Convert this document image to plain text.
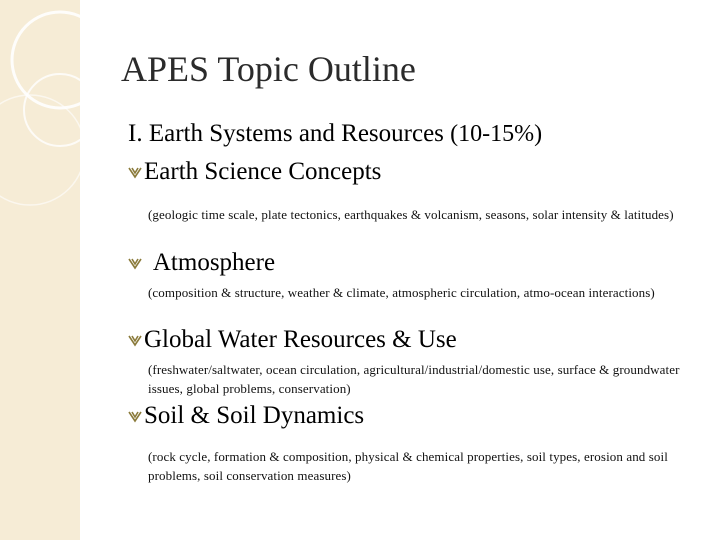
APES Topic Outline
I. Earth Systems and Resources (10-15%)
Earth Science Concepts
(geologic time scale, plate tectonics, earthquakes & volcanism, seasons, solar intensity & latitudes)
Atmosphere
(composition & structure, weather & climate, atmospheric circulation, atmo-ocean interactions)
Global Water Resources & Use
(freshwater/saltwater, ocean circulation, agricultural/industrial/domestic use, surface & groundwater issues, global problems, conservation)
Soil & Soil Dynamics
(rock cycle, formation & composition, physical & chemical properties, soil types, erosion and soil problems, soil conservation measures)
